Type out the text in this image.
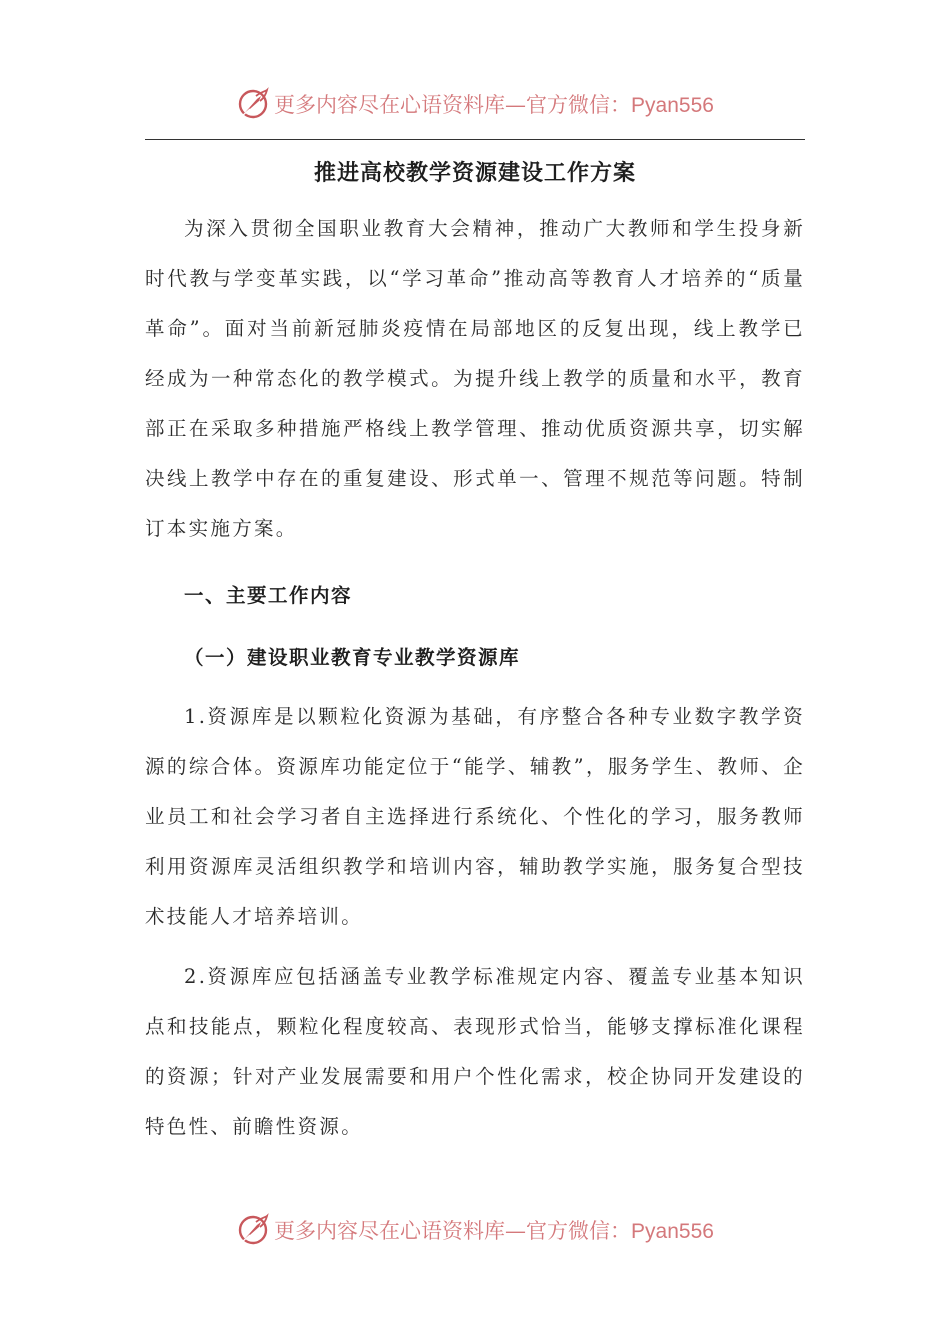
更多内容尽在心语资料库—官方微信：Pyan556
推进高校教学资源建设工作方案

为深入贯彻全国职业教育大会精神，推动广大教师和学生投身新时代教与学变革实践，以“学习革命”推动高等教育人才培养的“质量革命”。面对当前新冠肺炎疫情在局部地区的反复出现，线上教学已经成为一种常态化的教学模式。为提升线上教学的质量和水平，教育部正在采取多种措施严格线上教学管理、推动优质资源共享，切实解决线上教学中存在的重复建设、形式单一、管理不规范等问题。特制订本实施方案。

一、主要工作内容
（一）建设职业教育专业教学资源库

1.资源库是以颗粒化资源为基础，有序整合各种专业数字教学资源的综合体。资源库功能定位于“能学、辅教”，服务学生、教师、企业员工和社会学习者自主选择进行系统化、个性化的学习，服务教师利用资源库灵活组织教学和培训内容，辅助教学实施，服务复合型技术技能人才培养培训。

2.资源库应包括涵盖专业教学标准规定内容、覆盖专业基本知识点和技能点，颗粒化程度较高、表现形式恰当，能够支撑标准化课程的资源；针对产业发展需要和用户个性化需求，校企协同开发建设的特色性、前瞻性资源。

更多内容尽在心语资料库—官方微信：Pyan556
